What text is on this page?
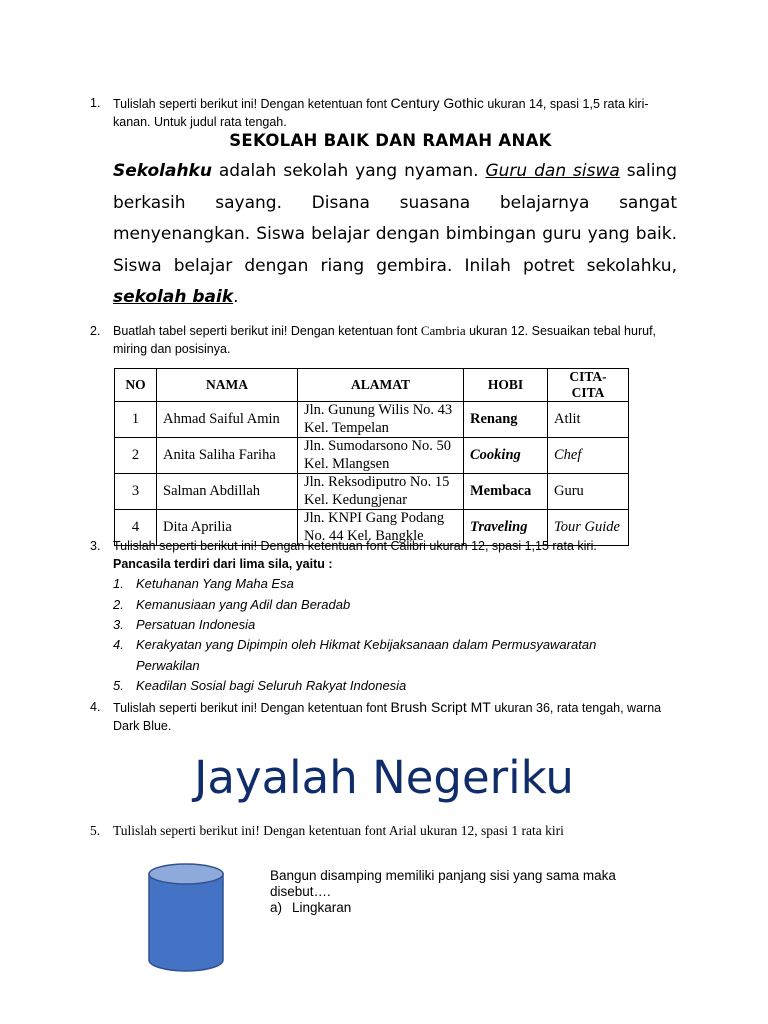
1. Tulislah seperti berikut ini! Dengan ketentuan font Century Gothic ukuran 14, spasi 1,5 rata kiri-kanan. Untuk judul rata tengah.
SEKOLAH BAIK DAN RAMAH ANAK
Sekolahku adalah sekolah yang nyaman. Guru dan siswa saling berkasih sayang. Disana suasana belajarnya sangat menyenangkan. Siswa belajar dengan bimbingan guru yang baik. Siswa belajar dengan riang gembira. Inilah potret sekolahku, sekolah baik.
2. Buatlah tabel seperti berikut ini! Dengan ketentuan font Cambria ukuran 12. Sesuaikan tebal huruf, miring dan posisinya.
NO	NAMA	ALAMAT	HOBI	CITA-CITA
1	Ahmad Saiful Amin	Jln. Gunung Wilis No. 43 Kel. Tempelan	Renang	Atlit
2	Anita Saliha Fariha	Jln. Sumodarsono No. 50 Kel. Mlangsen	Cooking	Chef
3	Salman Abdillah	Jln. Reksodiputro No. 15 Kel. Kedungjenar	Membaca	Guru
4	Dita Aprilia	Jln. KNPI Gang Podang No. 44 Kel. Bangkle	Traveling	Tour Guide
3. Tulislah seperti berikut ini! Dengan ketentuan font Calibri ukuran 12, spasi 1,15 rata kiri.
Pancasila terdiri dari lima sila, yaitu :
1. Ketuhanan Yang Maha Esa
2. Kemanusiaan yang Adil dan Beradab
3. Persatuan Indonesia
4. Kerakyatan yang Dipimpin oleh Hikmat Kebijaksanaan dalam Permusyawaratan Perwakilan
5. Keadilan Sosial bagi Seluruh Rakyat Indonesia
4. Tulislah seperti berikut ini! Dengan ketentuan font Brush Script MT ukuran 36, rata tengah, warna Dark Blue.
Jayalah Negeriku
5. Tulislah seperti berikut ini! Dengan ketentuan font Arial ukuran 12, spasi 1 rata kiri
Bangun disamping memiliki panjang sisi yang sama maka disebut….
a) Lingkaran
